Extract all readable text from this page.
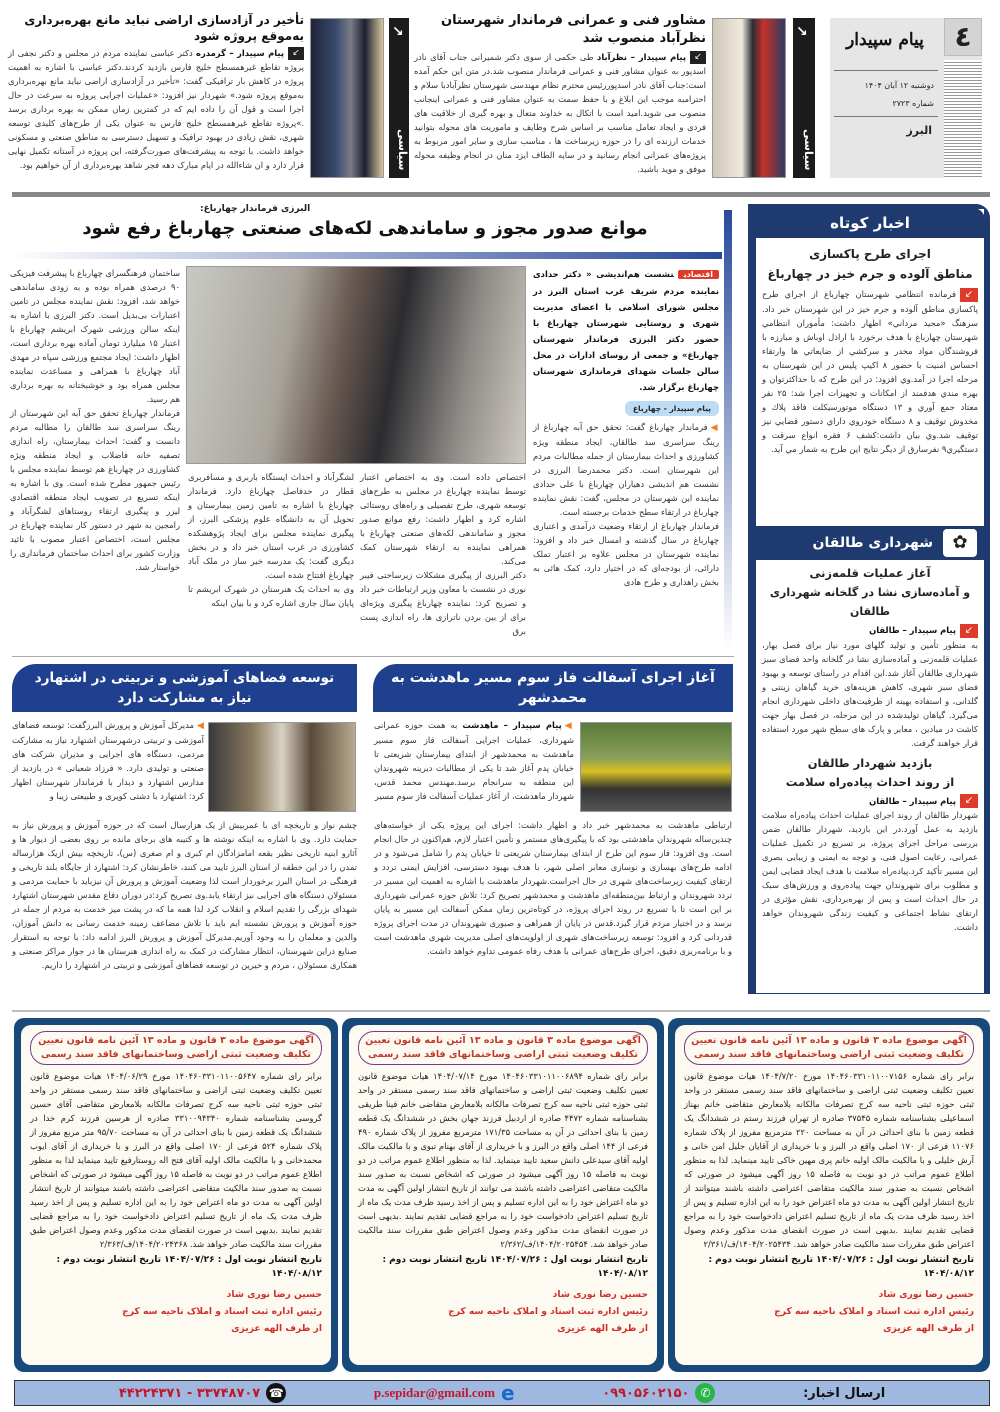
٤
پیام سپیدار
دوشنبه ۱۲ آبان ۱۴۰۴
شماره ۲۷۲۳
البرز
↘
سیاسی
مشاور فنی و عمرانی فرماندار شهرستان نظرآباد منصوب شد
↙پیام سپیدار – نظرآباد طی حکمی از سوی دکتر شمیرانی جناب آقای نادر اسدپور به عنوان مشاور فنی و عمرانی فرماندار منصوب شد.در متن این حکم آمده است:جناب آقای نادر اسدپوررئیس محترم نظام مهندسی شهرستان نظرآبادبا سلام و احترامبه موجب این ابلاغ و با حفظ سمت به عنوان مشاور فنی و عمرانی اینجانب منصوب می شوید.امید است با اتکال به خداوند متعال و بهره گیری از خلاقیت های فردی و ایجاد تعامل مناسب بر اساس شرح وظایف و ماموریت های محوله بتوانید خدمات ارزنده ای را در حوزه زیرساخت ها ، مناسب سازی و سایر امور مربوط به پروژه‌های عمرانی انجام رسانید و در سایه الطاف ایزد منان در انجام وظیفه محوله موفق و موید باشید.
↘
سیاسی
تأخیر در آزادسازی اراضی نباید مانع بهره‌برداری به‌موقع پروژه شود
↙پیام سپیدار – گرمدره دکتر عباسی نماینده مردم در مجلس و دکتر نجفی از پروژه تقاطع غیرهمسطح خلیج فارس بازدید کردند.دکتر عباسی با اشاره به اهمیت پروژه در کاهش بار ترافیکی گفت: «تأخیر در آزادسازی اراضی نباید مانع بهره‌برداری به‌موقع پروژه شود.» شهردار نیز افزود: «عملیات اجرایی پروژه به سرعت در حال اجرا است و قول آن را داده ایم که در کمترین زمان ممکن به بهره برداری برسد .»پروژه تقاطع غیرهمسطح خلیج فارس به عنوان یکی از طرح‌های کلیدی توسعه شهری، نقش زیادی در بهبود ترافیک و تسهیل دسترسی به مناطق صنعتی و مسکونی خواهد داشت. با توجه به پیشرفت‌های صورت‌گرفته، این پروژه در آستانه تکمیل نهایی قرار دارد و ان شاءالله در ایام مبارک دهه فجر شاهد بهره‌برداری از آن خواهیم بود.
اخبار کوتاه
اجرای طرح پاکسازی
مناطق آلوده و جرم خیز در چهارباغ
↙فرمانده انتظامي شهرستان چهارباغ از اجراي طرح پاكسازي مناطق آلوده و جرم خيز در اين شهرستان خبر داد. سرهنگ «مجيد مرداني» اظهار داشت: مأموران انتظامي شهرستان چهارباغ با هدف برخورد با اراذل اوباش و مبارزه با فروشندگان مواد مخدر و سركشي از ضايعاتي ها وارتقاء احساس امنيت با حضور ۸ اكيپ پليس در اين شهرستان به مرحله اجرا در آمد.وي افزود: در اين طرح كه با حداكثرتوان و بهره مندي هدفمند از امكانات و تجهيزات اجرا شد: ۲۵ نفر معتاد جمع آوري و ۱۳ دستگاه موتورسيكلت فاقد پلاك و مخدوش توقيف و ۸ دستگاه خودروي داراي دستور قضايي نيز توقيف شد.وي بيان داشت:كشف ۶ فقره انواع سرقت و دستگيري۹ نفرسارق از ديگر نتايج اين طرح به شمار مي آيد.
✿
شهرداری طالقان
آغاز عملیات قلمه‌زنی
و آماده‌سازی نشا در گلخانه شهرداری طالقان
↙پیام سپیدار – طالقان
به منظور تأمین و تولید گلهای مورد نیاز برای فصل بهار، عملیات قلمه‌زنی و آماده‌سازی نشا در گلخانه واحد فضای سبز شهرداری طالقان آغاز شد.این اقدام در راستای توسعه و بهبود فضای سبز شهری، کاهش هزینه‌های خرید گیاهان زینتی و گلدانی، و استفاده بهینه از ظرفیت‌های داخلی شهرداری انجام می‌گیرد. گیاهان تولیدشده در این مرحله، در فصل بهار جهت کاشت در میادین ، معابر و پارک های سطح شهر مورد استفاده قرار خواهند گرفت.
بازدید شهردار طالقان
از روند احداث پیاده‌راه سلامت
↙پیام سپیدار – طالقان
شهردار طالقان از روند اجرای عملیات احداث پیاده‌راه سلامت بازدید به عمل آورد.در این بازدید، شهردار طالقان ضمن بررسی مراحل اجرای پروژه، بر تسریع در تکمیل عملیات عمرانی، رعایت اصول فنی، و توجه به ایمنی و زیبایی بصری این مسیر تأکید کرد.پیاده‌راه سلامت با هدف ایجاد فضایی ایمن و مطلوب برای شهروندان جهت پیاده‌روی و ورزش‌های سبک در حال احداث است و پس از بهره‌برداری، نقش مؤثری در ارتقای نشاط اجتماعی و کیفیت زندگی شهروندان خواهد داشت.
البرزی فرماندار چهارباغ:
موانع صدور مجوز و ساماندهی لکه‌های صنعتی چهارباغ رفع شود
اقتصادینشست هم‌اندیشی « دکتر حدادی نماینده مردم شریف غرب استان البرز در مجلس شورای اسلامی با اعضای مدیریت شهری و روستایی شهرستان چهارباغ با حضور دکتر البرزی فرماندار شهرستان چهارباغ» و جمعی از روسای ادارات در محل سالن جلسات شهدای فرمانداری شهرستان چهارباغ برگزار شد.
پیام سپیدار - چهارباغ
◀فرماندار چهارباغ گفت: تحقق حق آبه چهارباغ از رینگ سراسری سد طالقان، ایجاد منطقه ویژه کشاورزی و احداث بیمارستان از جمله مطالبات مردم این شهرستان است. دکتر محمدرضا البرزی در نشست هم اندیشی دهیاران چهارباغ با علی حدادی نماینده این شهرستان در مجلس، گفت: نقش نماینده چهارباغ در ارتقاء سطح خدمات برجسته است.
فرماندار چهارباغ از ارتقاء وضعیت درآمدی و اعتباری چهارباغ در سال گذشته و امسال خبر داد و افزود: نماینده شهرستان در مجلس علاوه بر اعتبار تملک دارائی، از بودجه‌ای که در اختیار دارد، کمک هائی به بخش راهداری و طرح هادی
اختصاص داده است. وی به اختصاص اعتبار توسط نماینده چهارباغ در مجلس به طرح‌های توسعه شهری، طرح تفصیلی و راه‌های روستائی اشاره کرد و اظهار داشت: رفع موانع صدور مجوز و ساماندهی لکه‌های صنعتی چهارباغ با همراهی نماینده به ارتقاء شهرستان کمک می‌کند.
دکتر البرزی از پیگیری مشکلات زیرساختی فیبر نوری در نشست با معاون وزیر ارتباطات خبر داد و تصریح کرد: نماینده چهارباغ پیگیری ویژه‌ای برای از بین بردن ناترازی ها، راه اندازی پست برق
لشگرآباد و احداث ایستگاه باربری و مسافربری قطار در حدفاصل چهارباغ دارد. فرماندار چهارباغ با اشاره به تامین زمین بیمارستان و تحویل آن به دانشگاه علوم پزشکی البرز، از پیگیری نماینده مجلس برای ایجاد پژوهشکده کشاورزی در غرب استان خبر داد و در بخش دیگری گفت: یک مدرسه خیر ساز در ملک آباد چهارباغ افتتاح شده است.
وی به احداث یک هنرستان در شهرک ابریشم تا پایان سال جاری اشاره کرد و با بیان اینکه
ساختمان فرهنگسرای چهارباغ با پیشرفت فیزیکی ۹۰ درصدی همراه بوده و به زودی ساماندهی خواهد شد، افزود: نقش نماینده مجلس در تامین اعتبارات بی‌بدیل است. دکتر البرزی با اشاره به اینکه سالن ورزشی شهرک ابریشم چهارباغ با اعتبار ۱۵ میلیارد تومان آماده بهره برداری است، اظهار داشت: ایجاد مجتمع ورزشی سپاه در مهدی آباد چهارباغ با همراهی و مساعدت نماینده مجلس همراه بود و خوشبختانه به بهره برداری هم رسید.
فرماندار چهارباغ تحقق حق آبه این شهرستان از رینگ سراسری سد طالقان را مطالبه مردم دانست و گفت: احداث بیمارستان، راه اندازی تصفیه خانه فاضلاب و ایجاد منطقه ویژه کشاورزی در چهارباغ هم توسط نماینده مجلس با رئیس جمهور مطرح شده است. وی با اشاره به اینکه تسریع در تصویب ایجاد منطقه اقتصادی لیزر و پیگیری ارتقاء روستاهای لشگرآباد و رامجین به شهر در دستور کار نماینده چهارباغ در مجلس است، اختصاص اعتبار مصوب با تائید وزارت کشور برای احداث ساختمان فرمانداری را خواستار شد.
آغاز اجرای آسفالت فاز سوم مسیر ماهدشت به محمدشهر
◀پیام سپیدار – ماهدشت به همت حوزه عمرانی شهرداری، عملیات اجرایی آسفالت فاز سوم مسیر ماهدشت به محمدشهر از ابتدای بیمارستان شریعتی تا خیابان پدم آغاز شد تا یکی از مطالبات دیرینه شهروندان این منطقه به سرانجام برسد.مهندس محمد قدس، شهردار ماهدشت، از آغاز عملیات آسفالت فاز سوم مسیر
ارتباطی ماهدشت به محمدشهر خبر داد و اظهار داشت: اجرای این پروژه یکی از خواسته‌های چندین‌ساله شهروندان ماهدشتی بود که با پیگیری‌های مستمر و تأمین اعتبار لازم، هم‌اکنون در حال انجام است. وی افزود: فاز سوم این طرح از ابتدای بیمارستان شریعتی تا خیابان پدم را شامل می‌شود و در ادامه طرح‌های بهسازی و نوسازی معابر اصلی شهر، با هدف بهبود دسترسی، افزایش ایمنی تردد و ارتقای کیفیت زیرساخت‌های شهری در حال اجراست.شهردار ماهدشت با اشاره به اهمیت این مسیر در تردد شهروندان و ارتباط بین‌منطقه‌ای ماهدشت و محمدشهر تصریح کرد: تلاش حوزه عمرانی شهرداری بر این است تا با تسریع در روند اجرای پروژه، در کوتاه‌ترین زمان ممکن آسفالت این مسیر به پایان برسد و در اختیار مردم قرار گیرد.قدس در پایان از همراهی و صبوری شهروندان در مدت اجرای پروژه قدردانی کرد و افزود: توسعه زیرساخت‌های شهری از اولویت‌های اصلی مدیریت شهری ماهدشت است و با برنامه‌ریزی دقیق، اجرای طرح‌های عمرانی با هدف رفاه عمومی تداوم خواهد داشت.
توسعه فضاهای آموزشی و تربیتی در اشتهارد نیاز به مشارکت دارد
◀مدیرکل آموزش و پرورش البرزگفت: توسعه فضاهای آموزشی و تربیتی درشهرستان اشتهارد نیاز به مشارکت مردمی، دستگاه های اجرایی و مدیران شرکت های صنعتی و تولیدی دارد. « فرزاد شعبانی » در بازدید از مدارس اشتهارد و دیدار با فرماندار شهرستان اظهار کرد: اشتهارد با دشتی کویری و طبیعتی زیبا و
چشم نواز و تاریخچه ای با عمربیش از یک هزارسال است که در حوزه آموزش و پرورش نیاز به حمایت دارد. وی با اشاره به اینکه نوشته ها و کتیبه های برجای مانده بر روی بعضی از دیوار ها و آثارو ابنیه تاریخی نظیر بقعه امامزادگان ام کبری و ام صغری (س)، تاریخچه بیش ازیک هزارساله تمدن را در این خطقه از استان البرز تایید می کنند، خاطرنشان کرد: اشتهارد از جایگاه بلند تاریخی و فرهنگی در استان البرز برخوردار است لذا وضعیت آموزش و پرورش آن نیزباید با حمایت مردمی و مسئولان دستگاه های اجرایی نیز ارتقاء یابد.وی تصریح کرد:در دوران دفاع مقدس شهرستان اشتهارد شهدای بزرگی را تقدیم اسلام و انقلاب کرد لذا همه ما که در پشت میز خدمت به مردم از جمله در حوزه آموزش و پرورش نشسته ایم باید با تلاش مضاعف زمینه خدمت رسانی به دانش آموزان، والدین و معلمان را به وجود آوریم.مدیرکل آموزش و پرورش البرز ادامه داد: با توجه به استقرار صنایع دراین شهرستان، انتظار مشارکت در کمک به راه اندازی هنرستان ها در جوار مراکز صنعتی و همکاری مسئولان ، مردم و خیرین در توسعه فضاهای آموزشی و تربیتی در اشتهارد را داریم.
آگهی موضوع ماده ۳ قانون و ماده ۱۳ آئین نامه قانون تعیین تکلیف وضعیت ثبتی اراضی وساختمانهای فاقد سند رسمی
برابر رای شماره ۱۴۰۴۶۰۳۳۱۰۱۱۰۰۷۱۵۶ مورخ ۱۴۰۴/۷/۲۰ هیات موضوع قانون تعیین تکلیف وضعیت ثبتی اراضی و ساختمانهای فاقد سند رسمی مستقر در واحد ثبتی حوزه ثبتی ناحیه سه کرج تصرفات مالکانه بلامعارض متقاضی خانم بهناز اسماعیلی بشناسنامه شماره ۳۷۵۴۵ صادره از تهران فرزند رستم در ششدانگ یک قطعه زمین با بنای احداثی در آن به مساحت ۲۲۰ مترمربع مفروز از پلاک شماره ۱۱۰۷۶ فرعی از ۱۷۰ اصلی واقع در البرز و با خریداری از آقایان جلیل امن خانی و آرش خلیلی و با مالکیت مالک اولیه خانم پری مهین خاکی تایید مینماید. لذا به منظور اطلاع عموم مراتب در دو نوبت به فاصله ۱۵ روز آگهی میشود در صورتی که اشخاص نسبت به صدور سند مالکیت متقاضی اعتراضی داشته باشند میتوانند از تاریخ انتشار اولین آگهی به مدت دو ماه اعتراض خود را به این اداره تسلیم و پس از اخذ رسید ظرف مدت یک ماه از تاریخ تسلیم اعتراض دادخواست خود را به مراجع قضایی تقدیم نمایند .بدیهی است در صورت انقضای مدت مذکور وعدم وصول اعتراض طبق مقررات سند مالکیت صادر خواهد شد. ۱۴۰۴/۲۰۲۵۴۳۴/ف/۲/۳۶۱
تاریخ انتشار نوبت اول : ۱۴۰۴/۰۷/۲۶ تاریخ انتشار نوبت دوم : ۱۴۰۴/۰۸/۱۲
حسین رضا نوری شاد
رئیس اداره ثبت اسناد و املاک ناحیه سه کرج
از طرف الهه عزیزی
آگهی موضوع ماده ۳ قانون و ماده ۱۳ آئین نامه قانون تعیین تکلیف وضعیت ثبتی اراضی وساختمانهای فاقد سند رسمی
برابر رای شماره ۱۴۰۴۶۰۳۳۱۰۱۱۰۰۶۸۹۴ مورخ ۱۴۰۴/۰۷/۱۴ هیات موضوع قانون تعیین تکلیف وضعیت ثبتی اراضی و ساختمانهای فاقد سند رسمی مستقر در واحد ثبتی حوزه ثبتی ناحیه سه کرج تصرفات مالکانه بلامعارض متقاضی خانم فینا طریقی بشناسنامه شماره ۴۴۷۲ صادره از اردبیل فرزند جهان بخش در ششدانگ یک قطعه زمین با بنای احداثی در آن به مساحت ۱۷۱/۳۵ مترمربع مفروز از پلاک شماره ۴۹۰ فرعی از ۱۴۴ اصلی واقع در البرز و با خریداری از آقای بهنام تبوی و با مالکیت مالک اولیه آقای سیدعلی دانش سعید تایید مینماید. لذا به منظور اطلاع عموم مراتب در دو نوبت به فاصله ۱۵ روز آگهی میشود در صورتی که اشخاص نسبت به صدور سند مالکیت متقاضی اعتراضی داشته باشند می توانند از تاریخ انتشار اولین آگهی به مدت دو ماه اعتراض خود را به این اداره تسلیم و پس از اخذ رسید ظرف مدت یک ماه از تاریخ تسلیم اعتراض دادخواست خود را به مراجع قضایی تقدیم نمایند .بدیهی است در صورت انقضای مدت مذکور وعدم وصول اعتراض طبق مقررات سند مالکیت صادر خواهد شد. ۱۴۰۴/۲۰۲۵۴۵۴/ف/۲/۳۶۲
تاریخ انتشار نوبت اول : ۱۴۰۴/۰۷/۲۶ تاریخ انتشار نوبت دوم : ۱۴۰۴/۰۸/۱۲
حسین رضا نوری شاد
رئیس اداره ثبت اسناد و املاک ناحیه سه کرج
از طرف الهه عزیزی
آگهی موضوع ماده ۳ قانون و ماده ۱۳ آئین نامه قانون تعیین تکلیف وضعیت ثبتی اراضی وساختمانهای فاقد سند رسمی
برابر رای شماره ۱۴۰۴۶۰۳۳۱۰۱۱۰۰۵۶۴۷ مورخ ۱۴۰۴/۰۶/۲۹ هیات موضوع قانون تعیین تکلیف وضعیت ثبتی اراضی و ساختمانهای فاقد سند رسمی مستقر در واحد ثبتی حوزه ثبتی ناحیه سه کرج تصرفات مالکانه بلامعارض متقاضی آقای حسین گروسی بشناسنامه شماره ۳۳۱۰۰۹۴۳۴۰ صادره از هرسین فرزند کرم خدا در ششدانگ یک قطعه زمین با بنای احداثی در آن به مساحت ۹۵/۷۰ متر مربع مفروز از پلاک شماره ۵۲۴ فرعی از ۱۷۰ اصلی واقع در البرز و با خریداری از آقای ایوب محمدخانی و با مالکیت مالک اولیه آقای فتح اله روستارفیع تایید مینماید لذا به منظور اطلاع عموم مراتب در دو نوبت به فاصله ۱۵ روز آگهی میشود در صورتی که اشخاص نسبت به صدور سند مالکیت متقاضی اعتراضی داشته باشند میتوانند از تاریخ انتشار اولین آگهی به مدت دو ماه اعتراض خود را به این اداره تسلیم و پس از اخذ رسید ظرف مدت یک ماه از تاریخ تسلیم اعتراض دادخواست خود را به مراجع قضایی تقدیم نمایند .بدیهی است در صورت انقضای مدت مذکور وعدم وصول اعتراض طبق مقررات سند مالکیت صادر خواهد شد. ۱۴۰۴/۲۰۲۴۳۶۸/ف/۲/۳۶۳
تاریخ انتشار نوبت اول : ۱۴۰۴/۰۷/۲۶ تاریخ انتشار نوبت دوم : ۱۴۰۴/۰۸/۱۲
حسین رضا نوری شاد
رئیس اداره ثبت اسناد و املاک ناحیه سه کرج
از طرف الهه عزیزی
ارسال اخبار:
✆
۰۹۹۰۵۶۰۲۱۵۰
e
p.sepidar@gmail.com
☎
۳۳۷۴۸۷۰۷ - ۴۴۲۲۴۳۷۱
